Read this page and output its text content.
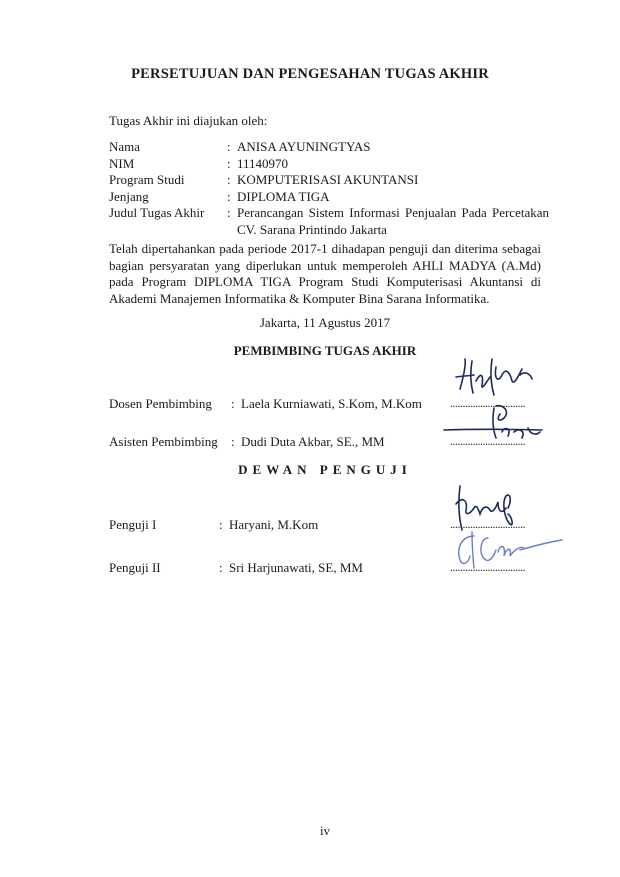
PERSETUJUAN DAN PENGESAHAN TUGAS AKHIR
Tugas Akhir ini diajukan oleh:
Nama	: ANISA AYUNINGTYAS
NIM	: 11140970
Program Studi	: KOMPUTERISASI AKUNTANSI
Jenjang	: DIPLOMA TIGA
Judul Tugas Akhir	: Perancangan Sistem Informasi Penjualan Pada Percetakan CV. Sarana Printindo Jakarta
Telah dipertahankan pada periode 2017-1 dihadapan penguji dan diterima sebagai bagian persyaratan yang diperlukan untuk memperoleh AHLI MADYA (A.Md) pada Program DIPLOMA TIGA Program Studi Komputerisasi Akuntansi di Akademi Manajemen Informatika & Komputer Bina Sarana Informatika.
Jakarta, 11 Agustus 2017
PEMBIMBING TUGAS AKHIR
Dosen Pembimbing	: Laela Kurniawati, S.Kom, M.Kom ..............................
Asisten Pembimbing	: Dudi Duta Akbar, SE., MM	..............................
DEWAN PENGUJI
Penguji I	: Haryani, M.Kom	..............................
Penguji II	: Sri Harjunawati, SE, MM	..............................
iv
